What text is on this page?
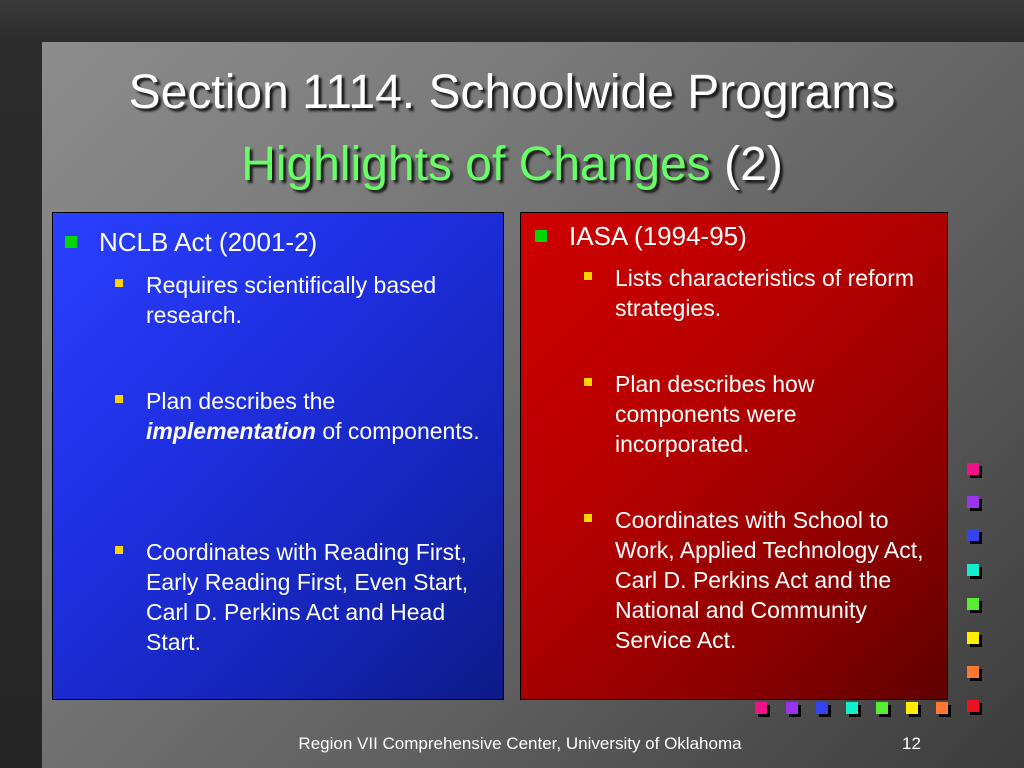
Section 1114. Schoolwide Programs
Highlights of Changes (2)
NCLB Act (2001-2)
Requires scientifically based research.
Plan describes the
implementation of components.
Coordinates with Reading First, Early Reading First, Even Start, Carl D. Perkins Act and Head Start.
IASA (1994-95)
Lists characteristics of reform strategies.
Plan describes how components were incorporated.
Coordinates with School to Work, Applied Technology Act, Carl D. Perkins Act and the National and Community Service Act.
Region VII Comprehensive Center, University of Oklahoma	12
